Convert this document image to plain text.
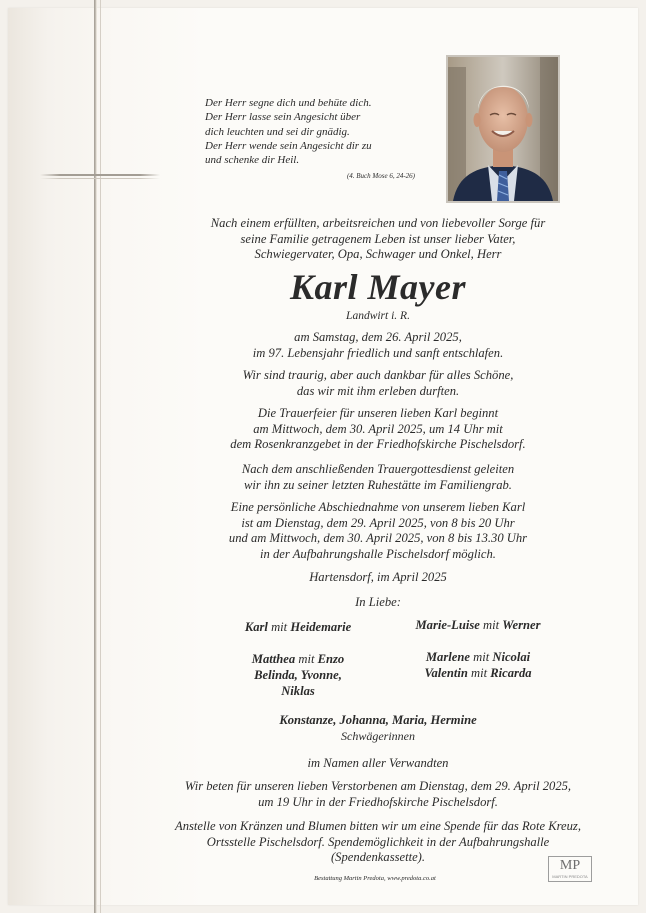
Der Herr segne dich und behüte dich.
Der Herr lasse sein Angesicht über
dich leuchten und sei dir gnädig.
Der Herr wende sein Angesicht dir zu
und schenke dir Heil.
(4. Buch Mose 6, 24-26)
Nach einem erfüllten, arbeitsreichen und von liebevoller Sorge für
seine Familie getragenem Leben ist unser lieber Vater,
Schwiegervater, Opa, Schwager und Onkel, Herr
Karl Mayer
Landwirt i. R.
am Samstag, dem 26. April 2025,
im 97. Lebensjahr friedlich und sanft entschlafen.
Wir sind traurig, aber auch dankbar für alles Schöne,
das wir mit ihm erleben durften.
Die Trauerfeier für unseren lieben Karl beginnt
am Mittwoch, dem 30. April 2025, um 14 Uhr mit
dem Rosenkranzgebet in der Friedhofskirche Pischelsdorf.
Nach dem anschließenden Trauergottesdienst geleiten
wir ihn zu seiner letzten Ruhestätte im Familiengrab.
Eine persönliche Abschiednahme von unserem lieben Karl
ist am Dienstag, dem 29. April 2025, von 8 bis 20 Uhr
und am Mittwoch, dem 30. April 2025, von 8 bis 13.30 Uhr
in der Aufbahrungshalle Pischelsdorf möglich.
Hartensdorf, im April 2025
In Liebe:
Karl mit Heidemarie	Marie-Luise mit Werner
Matthea mit Enzo
Belinda, Yvonne,
Niklas
Marlene mit Nicolai
Valentin mit Ricarda
Konstanze, Johanna, Maria, Hermine
Schwägerinnen
im Namen aller Verwandten
Wir beten für unseren lieben Verstorbenen am Dienstag, dem 29. April 2025,
um 19 Uhr in der Friedhofskirche Pischelsdorf.
Anstelle von Kränzen und Blumen bitten wir um eine Spende für das Rote Kreuz,
Ortsstelle Pischelsdorf. Spendemöglichkeit in der Aufbahrungshalle
(Spendenkassette).
Bestattung Martin Predota, www.predota.co.at
MP
MARTIN PREDOTA
